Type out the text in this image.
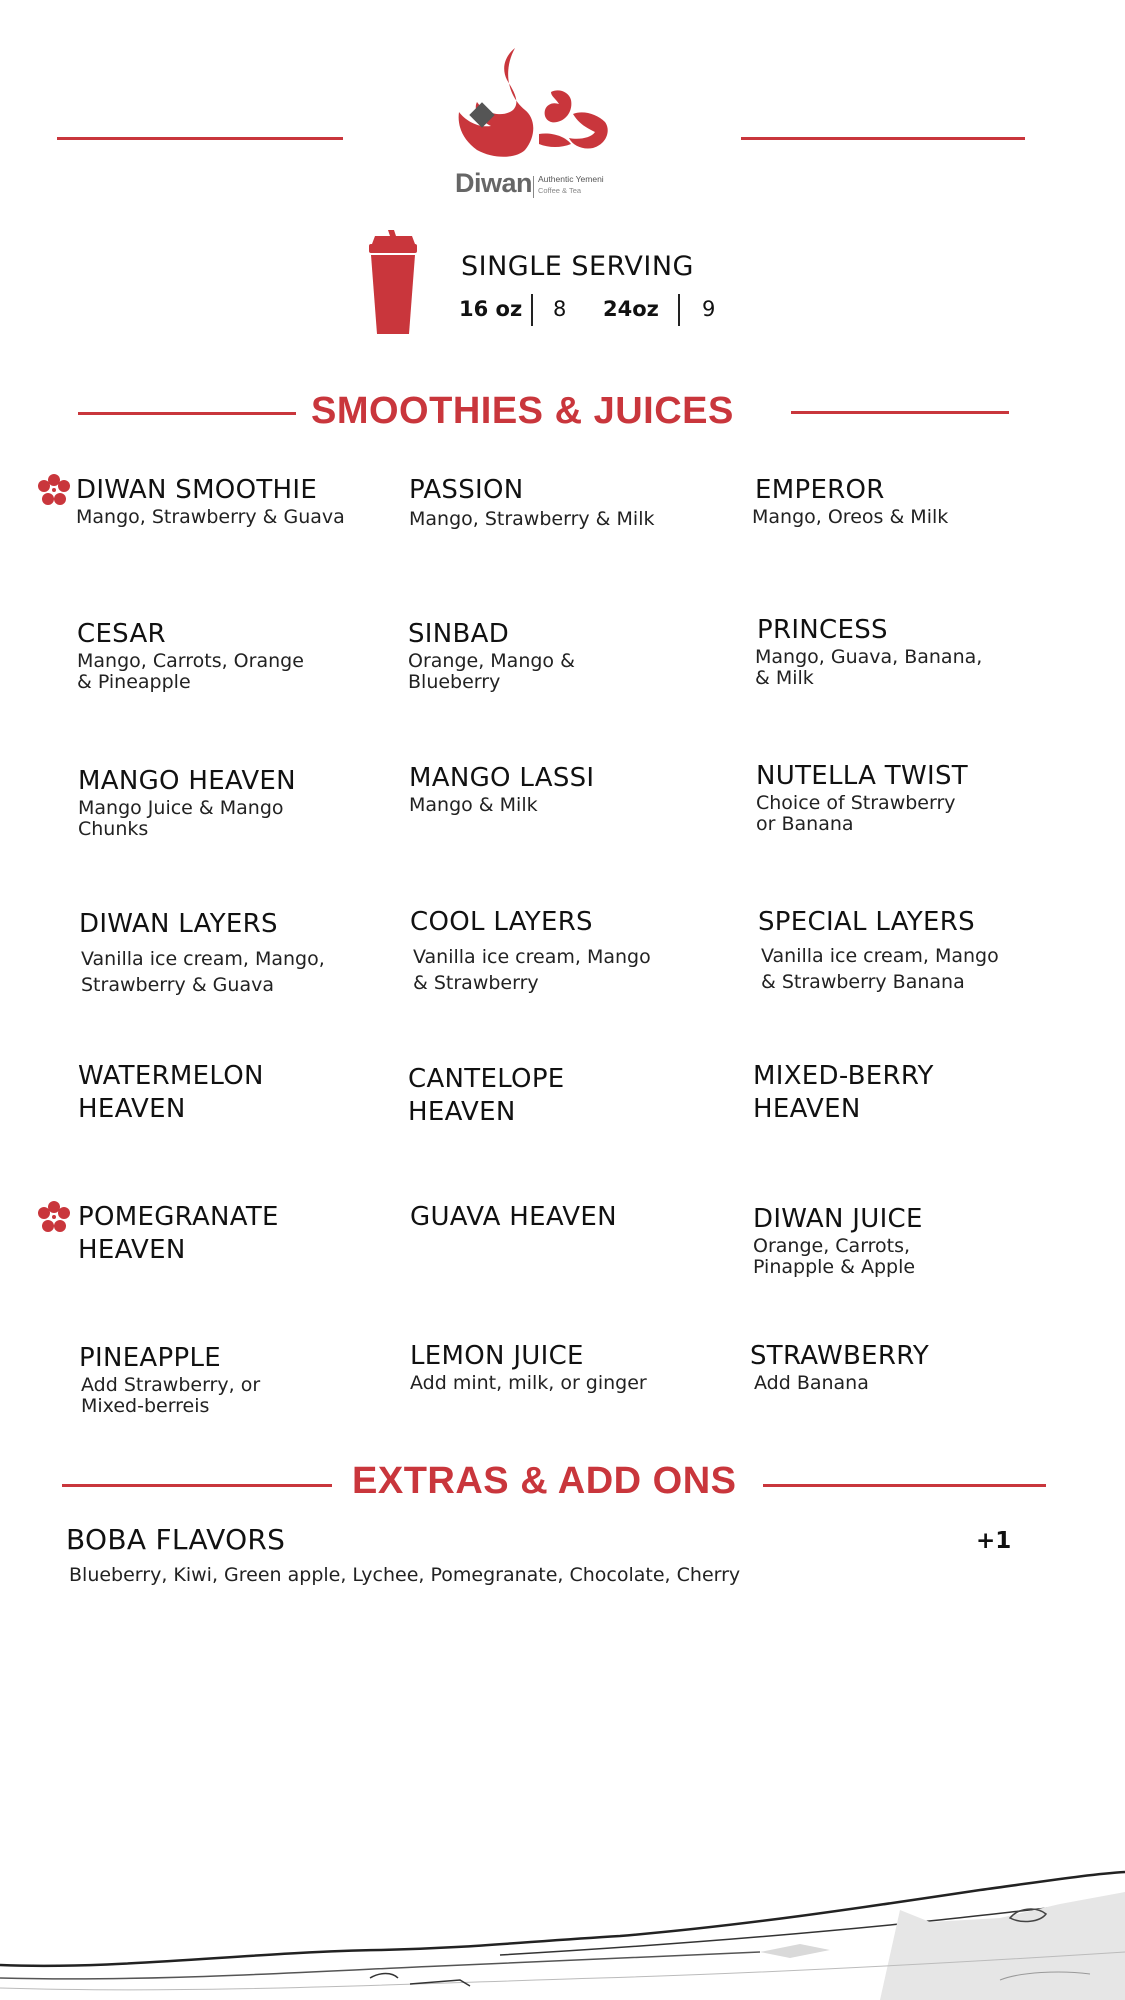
Diwan Authentic Yemeni
Coffee & Tea
SINGLE SERVING
16 oz 8 24oz 9
SMOOTHIES & JUICES
DIWAN SMOOTHIE
Mango, Strawberry & Guava
PASSION
Mango, Strawberry & Milk
EMPEROR
Mango, Oreos & Milk
CESAR
Mango, Carrots, Orange
& Pineapple
SINBAD
Orange, Mango &
Blueberry
PRINCESS
Mango, Guava, Banana,
& Milk
MANGO HEAVEN
Mango Juice & Mango
Chunks
MANGO LASSI
Mango & Milk
NUTELLA TWIST
Choice of Strawberry
or Banana
DIWAN LAYERS
Vanilla ice cream, Mango,
Strawberry & Guava
COOL LAYERS
Vanilla ice cream, Mango
& Strawberry
SPECIAL LAYERS
Vanilla ice cream, Mango
& Strawberry Banana
WATERMELON
HEAVEN
CANTELOPE
HEAVEN
MIXED-BERRY
HEAVEN
POMEGRANATE
HEAVEN
GUAVA HEAVEN	DIWAN JUICE
Orange, Carrots,
Pinapple & Apple
PINEAPPLE
Add Strawberry, or
Mixed-berreis
LEMON JUICE
Add mint, milk, or ginger
STRAWBERRY
Add Banana
EXTRAS & ADD ONS
BOBA FLAVORS	+1
Blueberry, Kiwi, Green apple, Lychee, Pomegranate, Chocolate, Cherry
